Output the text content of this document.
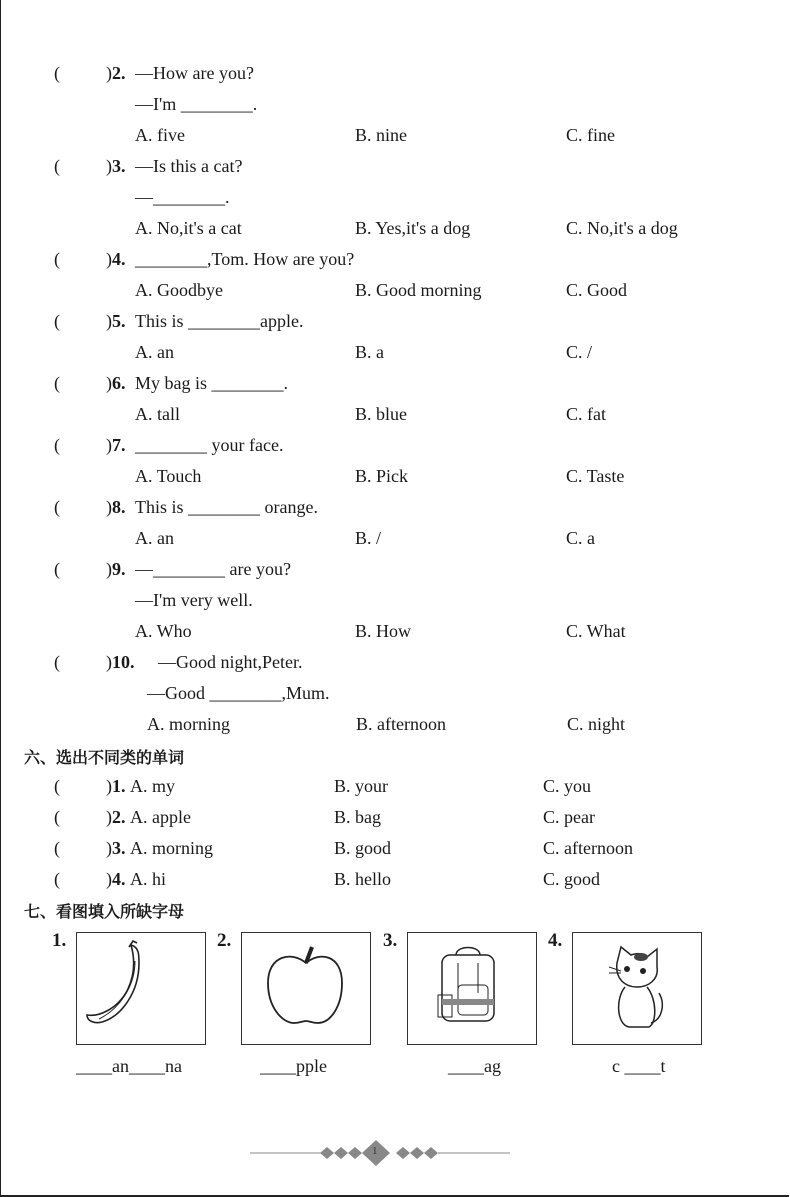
(	) 2. —How are you?
—I'm ________.
A. five	B. nine	C. fine
(	) 3. —Is this a cat?
—________.
A. No,it's a cat	B. Yes,it's a dog	C. No,it's a dog
(	) 4. ________,Tom. How are you?
A. Goodbye	B. Good morning	C. Good
(	) 5. This is ________apple.
A. an	B. a	C. /
(	) 6. My bag is ________.
A. tall	B. blue	C. fat
(	) 7. ________ your face.
A. Touch	B. Pick	C. Taste
(	) 8. This is ________ orange.
A. an	B. /	C. a
(	) 9. —________ are you?
—I'm very well.
A. Who	B. How	C. What
(	) 10. —Good night,Peter.
—Good ________,Mum.
A. morning	B. afternoon	C. night
(	) 1. A. my	B. your	C. you
(	) 2. A. apple	B. bag	C. pear
(	) 3. A. morning	B. good	C. afternoon
(	) 4. A. hi	B. hello	C. good
六、选出不同类的单词
七、看图填入所缺字母
1.
____an____na
2.
____pple
3.
____ag
4.
c ____t
1
